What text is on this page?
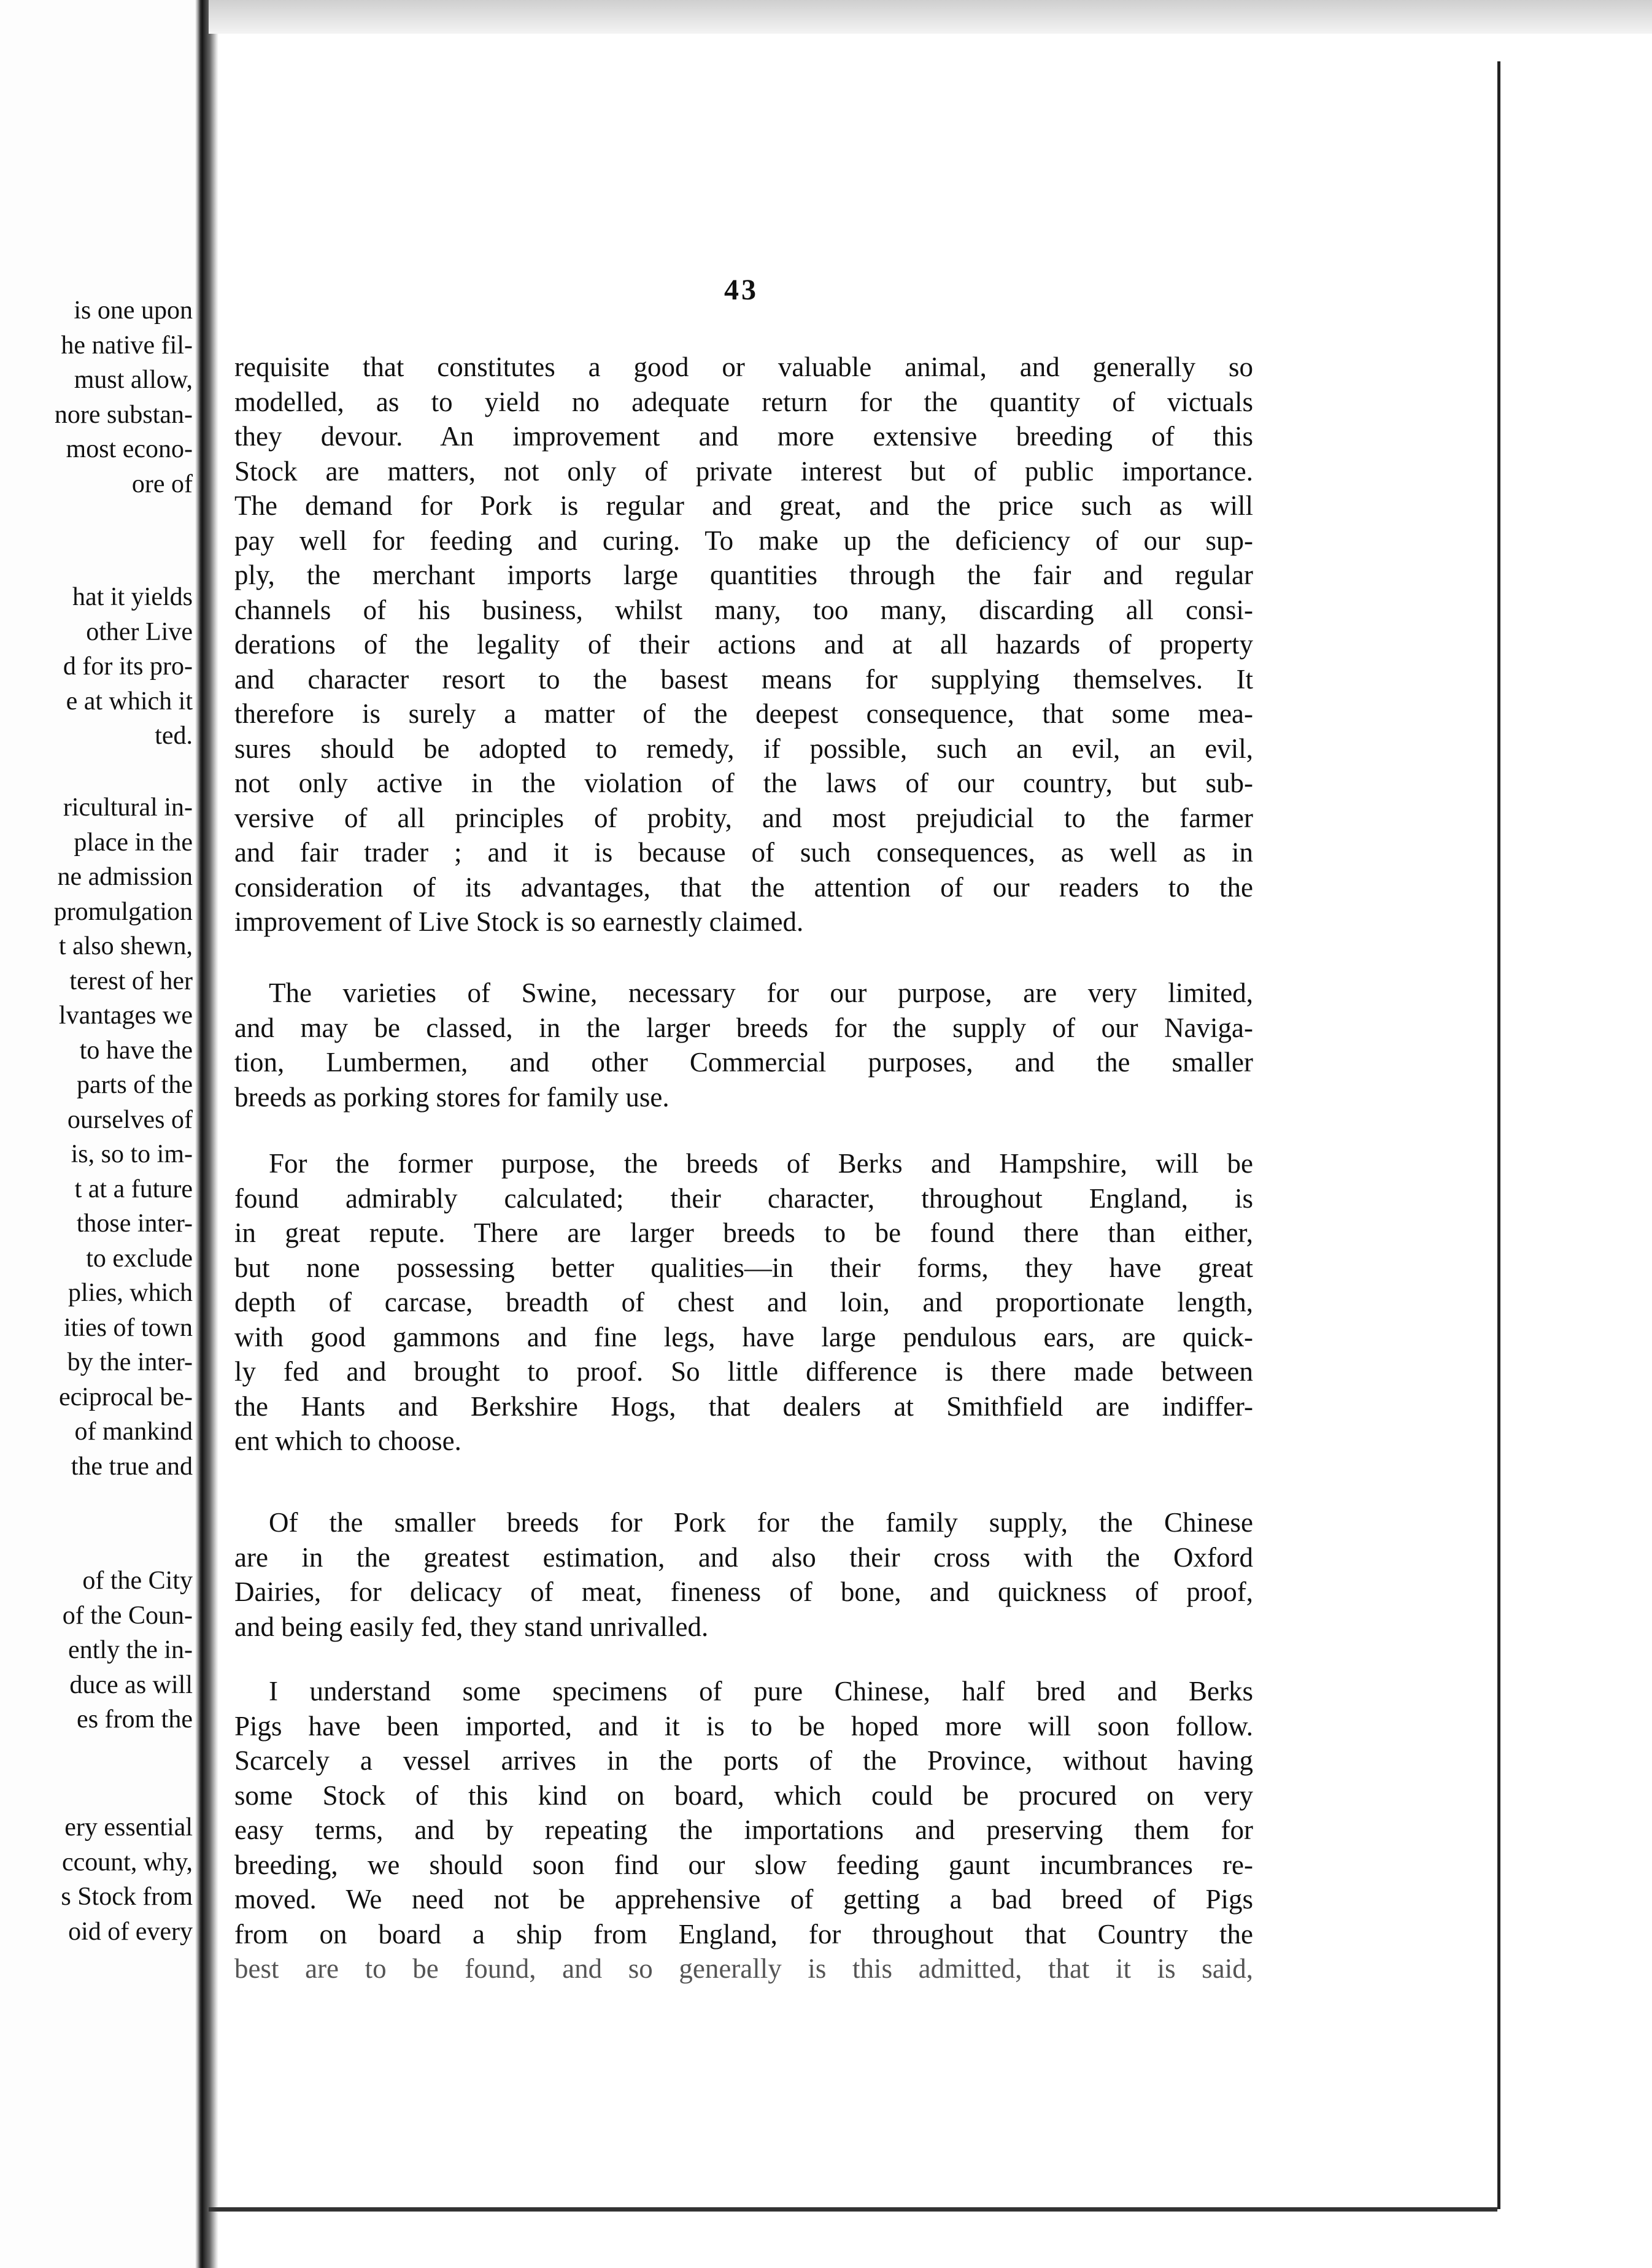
is one upon
he native fil-
must allow,
nore substan-
most econo-
ore of
hat it yields
other Live
d for its pro-
e at which it
ted.
ricultural in-
place in the
ne admission
promulgation
t also shewn,
terest of her
lvantages we
to have the
parts of the
ourselves of
is, so to im-
t at a future
those inter-
to exclude
plies, which
ities of town
by the inter-
eciprocal be-
of mankind
the true and
of the City
of the Coun-
ently the in-
duce as will
es from the
ery essential
ccount, why,
s Stock from
oid of every
43
requisite that constitutes a good or valuable animal, and generally so
modelled, as to yield no adequate return for the quantity of victuals
they devour. An improvement and more extensive breeding of this
Stock are matters, not only of private interest but of public importance.
The demand for Pork is regular and great, and the price such as will
pay well for feeding and curing. To make up the deficiency of our sup-
ply, the merchant imports large quantities through the fair and regular
channels of his business, whilst many, too many, discarding all consi-
derations of the legality of their actions and at all hazards of property
and character resort to the basest means for supplying themselves. It
therefore is surely a matter of the deepest consequence, that some mea-
sures should be adopted to remedy, if possible, such an evil, an evil,
not only active in the violation of the laws of our country, but sub-
versive of all principles of probity, and most prejudicial to the farmer
and fair trader ; and it is because of such consequences, as well as in
consideration of its advantages, that the attention of our readers to the
improvement of Live Stock is so earnestly claimed.
The varieties of Swine, necessary for our purpose, are very limited,
and may be classed, in the larger breeds for the supply of our Naviga-
tion, Lumbermen, and other Commercial purposes, and the smaller
breeds as porking stores for family use.
For the former purpose, the breeds of Berks and Hampshire, will be
found admirably calculated; their character, throughout England, is
in great repute. There are larger breeds to be found there than either,
but none possessing better qualities—in their forms, they have great
depth of carcase, breadth of chest and loin, and proportionate length,
with good gammons and fine legs, have large pendulous ears, are quick-
ly fed and brought to proof. So little difference is there made between
the Hants and Berkshire Hogs, that dealers at Smithfield are indiffer-
ent which to choose.
Of the smaller breeds for Pork for the family supply, the Chinese
are in the greatest estimation, and also their cross with the Oxford
Dairies, for delicacy of meat, fineness of bone, and quickness of proof,
and being easily fed, they stand unrivalled.
I understand some specimens of pure Chinese, half bred and Berks
Pigs have been imported, and it is to be hoped more will soon follow.
Scarcely a vessel arrives in the ports of the Province, without having
some Stock of this kind on board, which could be procured on very
easy terms, and by repeating the importations and preserving them for
breeding, we should soon find our slow feeding gaunt incumbrances re-
moved. We need not be apprehensive of getting a bad breed of Pigs
from on board a ship from England, for throughout that Country the
best are to be found, and so generally is this admitted, that it is said,
